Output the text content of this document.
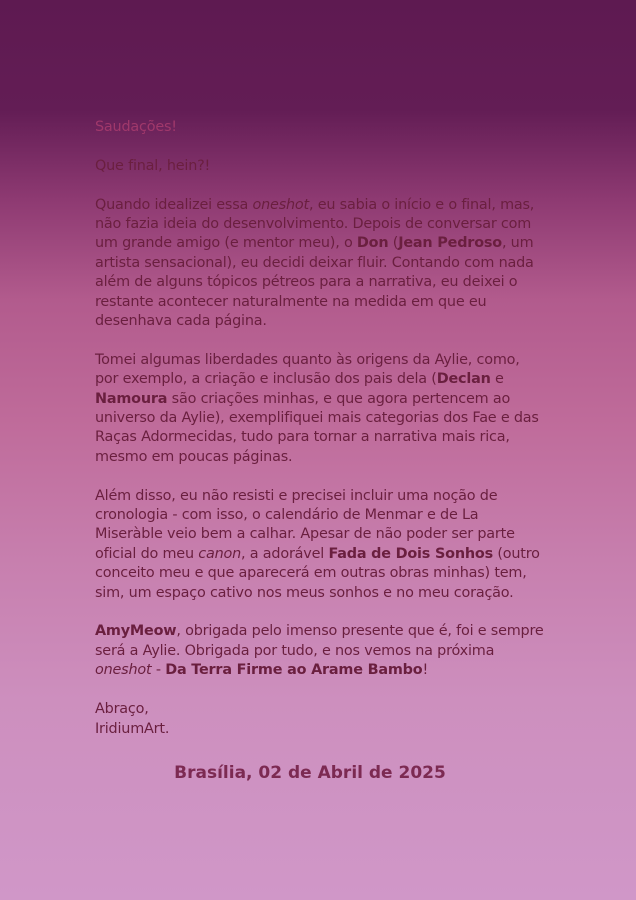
Saudações!

Que final, hein?!

Quando idealizei essa oneshot, eu sabia o início e o final, mas, não fazia ideia do desenvolvimento. Depois de conversar com um grande amigo (e mentor meu), o Don (Jean Pedroso, um artista sensacional), eu decidi deixar fluir. Contando com nada além de alguns tópicos pétreos para a narrativa, eu deixei o restante acontecer naturalmente na medida em que eu desenhava cada página.

Tomei algumas liberdades quanto às origens da Aylie, como, por exemplo, a criação e inclusão dos pais dela (Declan e Namoura são criações minhas, e que agora pertencem ao universo da Aylie), exemplifiquei mais categorias dos Fae e das Raças Adormecidas, tudo para tornar a narrativa mais rica, mesmo em poucas páginas.

Além disso, eu não resisti e precisei incluir uma noção de cronologia - com isso, o calendário de Menmar e de La Miseràble veio bem a calhar. Apesar de não poder ser parte oficial do meu canon, a adorável Fada de Dois Sonhos (outro conceito meu e que aparecerá em outras obras minhas) tem, sim, um espaço cativo nos meus sonhos e no meu coração.

AmyMeow, obrigada pelo imenso presente que é, foi e sempre será a Aylie. Obrigada por tudo, e nos vemos na próxima oneshot - Da Terra Firme ao Arame Bambo!

Abraço,

IridiumArt.

Brasília, 02 de Abril de 2025
